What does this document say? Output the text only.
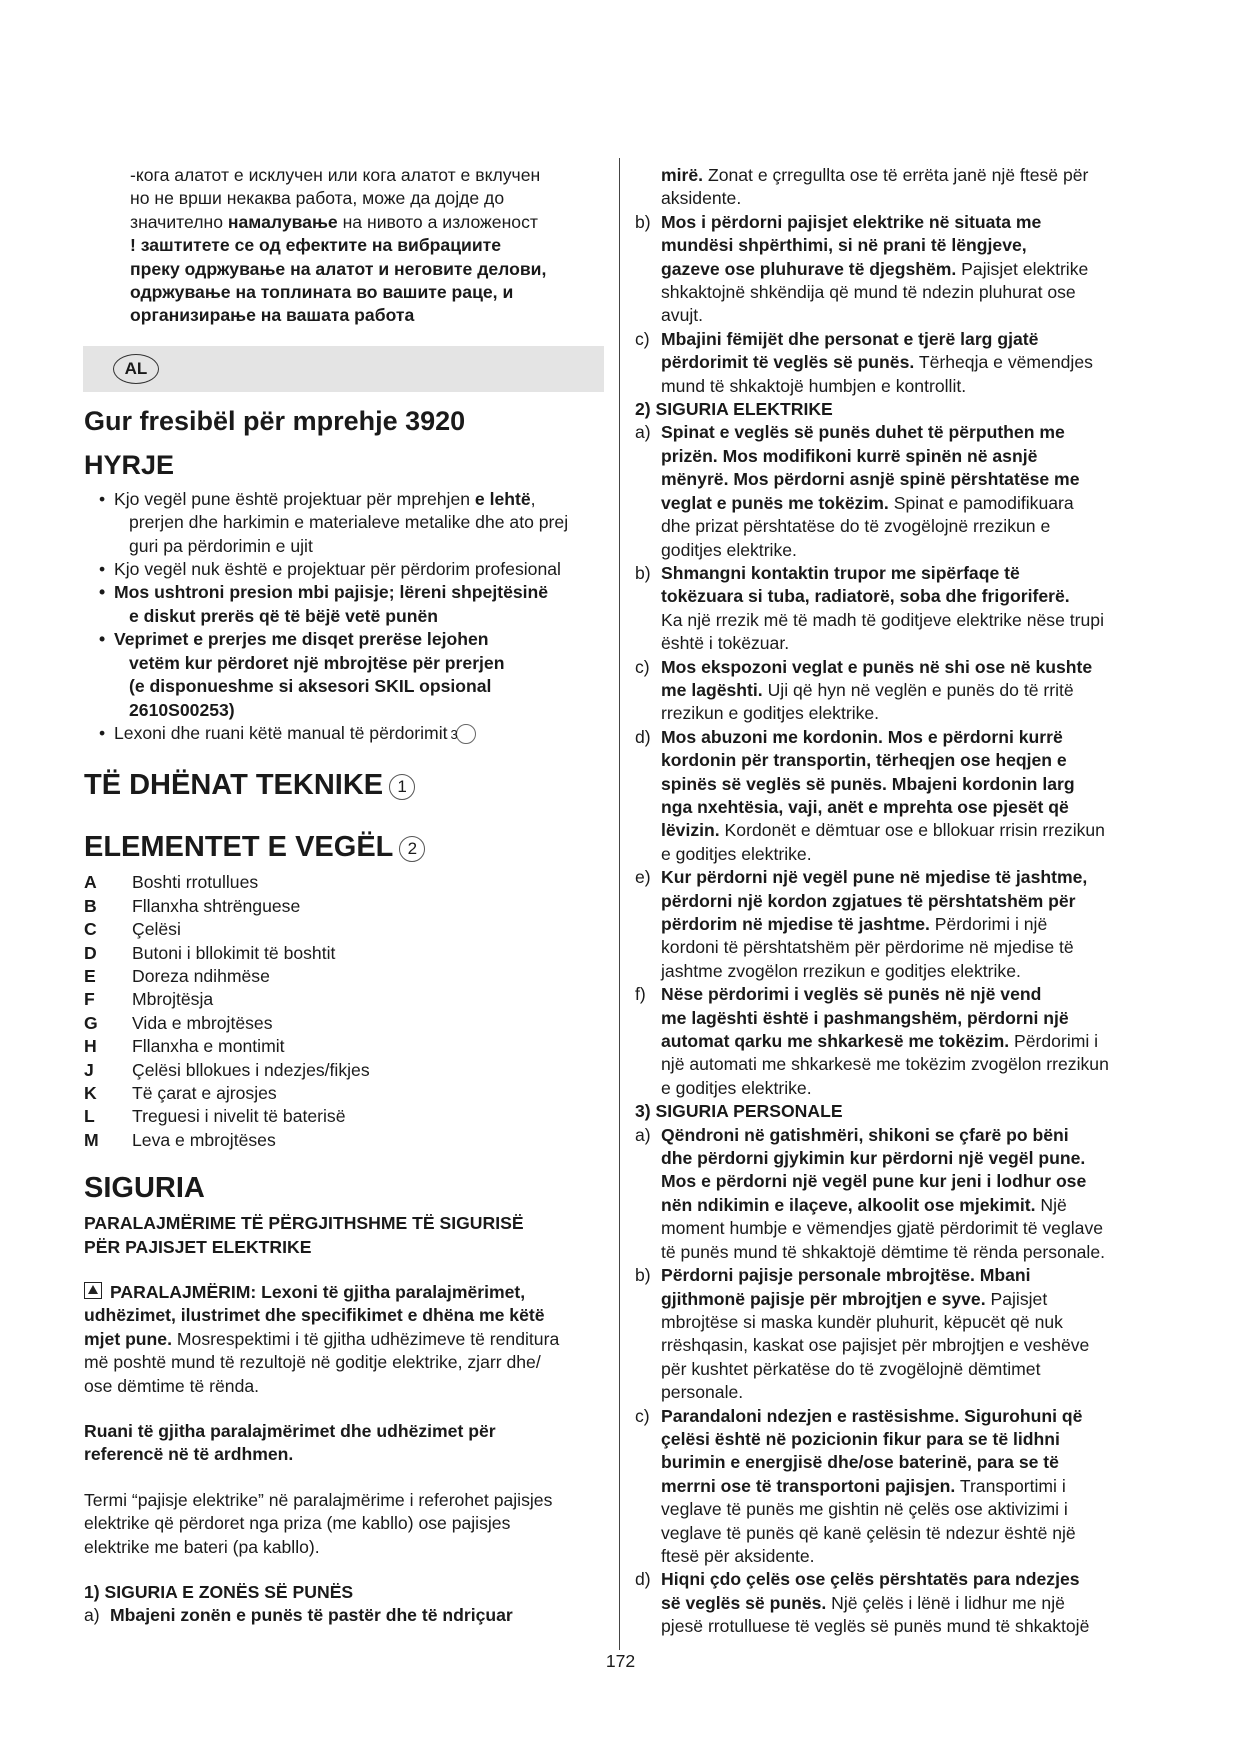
-кога алатот е исклучен или кога алатот е вклучен

но не врши некаква работа, може да дојде до

значително намалување на нивото а изложеност

! заштитете се од ефектите на вибрациите

преку одржување на алатот и неговите делови,

одржување на топлината во вашите раце, и

организирање на вашата работа

AL
Gur fresibël për mprehje 3920
HYRJE

• Kjo vegël pune është projektuar për mprehjen e lehtë,
prerjen dhe harkimin e materialeve metalike dhe ato prej
guri pa përdorimin e ujit

• Kjo vegël nuk është e projektuar për përdorim profesional

• Mos ushtroni presion mbi pajisje; lëreni shpejtësinë
e diskut prerës që të bëjë vetë punën

• Veprimet e prerjes me disqet prerëse lejohen
vetëm kur përdoret një mbrojtëse për prerjen
(e disponueshme si aksesori SKIL opsional
2610S00253)

• Lexoni dhe ruani këtë manual të përdorimit 3

TË DHËNAT TEKNIKE 1
ELEMENTET E VEGËL 2
A	Boshti rrotullues
B	Fllanxha shtrënguese
C	Çelësi
D	Butoni i bllokimit të boshtit
E	Doreza ndihmëse
F	Mbrojtësja
G	Vida e mbrojtëses
H	Fllanxha e montimit
J	Çelësi bllokues i ndezjes/fikjes
K	Të çarat e ajrosjes
L	Treguesi i nivelit të baterisë
M	Leva e mbrojtëses
SIGURIA

PARALAJMËRIME TË PËRGJITHSHME TË SIGURISË

PËR PAJISJET ELEKTRIKE

PARALAJMËRIM: Lexoni të gjitha paralajmërimet,

udhëzimet, ilustrimet dhe specifikimet e dhëna me këtë

mjet pune. Mosrespektimi i të gjitha udhëzimeve të renditura

më poshtë mund të rezultojë në goditje elektrike, zjarr dhe/

ose dëmtime të rënda.

Ruani të gjitha paralajmërimet dhe udhëzimet për

referencë në të ardhmen.

Termi “pajisje elektrike” në paralajmërime i referohet pajisjes

elektrike që përdoret nga priza (me kabllo) ose pajisjes

elektrike me bateri (pa kabllo).

1) SIGURIA E ZONËS SË PUNËS

a) Mbajeni zonën e punës të pastër dhe të ndriçuar

mirë. Zonat e çrregullta ose të errëta janë një ftesë për

aksidente.

b) Mos i përdorni pajisjet elektrike në situata me

mundësi shpërthimi, si në prani të lëngjeve,

gazeve ose pluhurave të djegshëm. Pajisjet elektrike

shkaktojnë shkëndija që mund të ndezin pluhurat ose

avujt.

c) Mbajini fëmijët dhe personat e tjerë larg gjatë

përdorimit të veglës së punës. Tërheqja e vëmendjes

mund të shkaktojë humbjen e kontrollit.

2) SIGURIA ELEKTRIKE

a) Spinat e veglës së punës duhet të përputhen me

prizën. Mos modifikoni kurrë spinën në asnjë

mënyrë. Mos përdorni asnjë spinë përshtatëse me

veglat e punës me tokëzim. Spinat e pamodifikuara

dhe prizat përshtatëse do të zvogëlojnë rrezikun e

goditjes elektrike.

b) Shmangni kontaktin trupor me sipërfaqe të

tokëzuara si tuba, radiatorë, soba dhe frigoriferë.

Ka një rrezik më të madh të goditjeve elektrike nëse trupi

është i tokëzuar.

c) Mos ekspozoni veglat e punës në shi ose në kushte

me lagështi. Uji që hyn në veglën e punës do të rritë

rrezikun e goditjes elektrike.

d) Mos abuzoni me kordonin. Mos e përdorni kurrë

kordonin për transportin, tërheqjen ose heqjen e

spinës së veglës së punës. Mbajeni kordonin larg

nga nxehtësia, vaji, anët e mprehta ose pjesët që

lëvizin. Kordonët e dëmtuar ose e bllokuar rrisin rrezikun

e goditjes elektrike.

e) Kur përdorni një vegël pune në mjedise të jashtme,

përdorni një kordon zgjatues të përshtatshëm për

përdorim në mjedise të jashtme. Përdorimi i një

kordoni të përshtatshëm për përdorime në mjedise të

jashtme zvogëlon rrezikun e goditjes elektrike.

f) Nëse përdorimi i veglës së punës në një vend

me lagështi është i pashmangshëm, përdorni një

automat qarku me shkarkesë me tokëzim. Përdorimi i

një automati me shkarkesë me tokëzim zvogëlon rrezikun

e goditjes elektrike.

3) SIGURIA PERSONALE

a) Qëndroni në gatishmëri, shikoni se çfarë po bëni

dhe përdorni gjykimin kur përdorni një vegël pune.

Mos e përdorni një vegël pune kur jeni i lodhur ose

nën ndikimin e ilaçeve, alkoolit ose mjekimit. Një

moment humbje e vëmendjes gjatë përdorimit të veglave

të punës mund të shkaktojë dëmtime të rënda personale.

b) Përdorni pajisje personale mbrojtëse. Mbani

gjithmonë pajisje për mbrojtjen e syve. Pajisjet

mbrojtëse si maska kundër pluhurit, këpucët që nuk

rrëshqasin, kaskat ose pajisjet për mbrojtjen e veshëve

për kushtet përkatëse do të zvogëlojnë dëmtimet

personale.

c) Parandaloni ndezjen e rastësishme. Sigurohuni që

çelësi është në pozicionin fikur para se të lidhni

burimin e energjisë dhe/ose baterinë, para se të

merrni ose të transportoni pajisjen. Transportimi i

veglave të punës me gishtin në çelës ose aktivizimi i

veglave të punës që kanë çelësin të ndezur është një

ftesë për aksidente.

d) Hiqni çdo çelës ose çelës përshtatës para ndezjes

së veglës së punës. Një çelës i lënë i lidhur me një

pjesë rrotulluese të veglës së punës mund të shkaktojë

172
